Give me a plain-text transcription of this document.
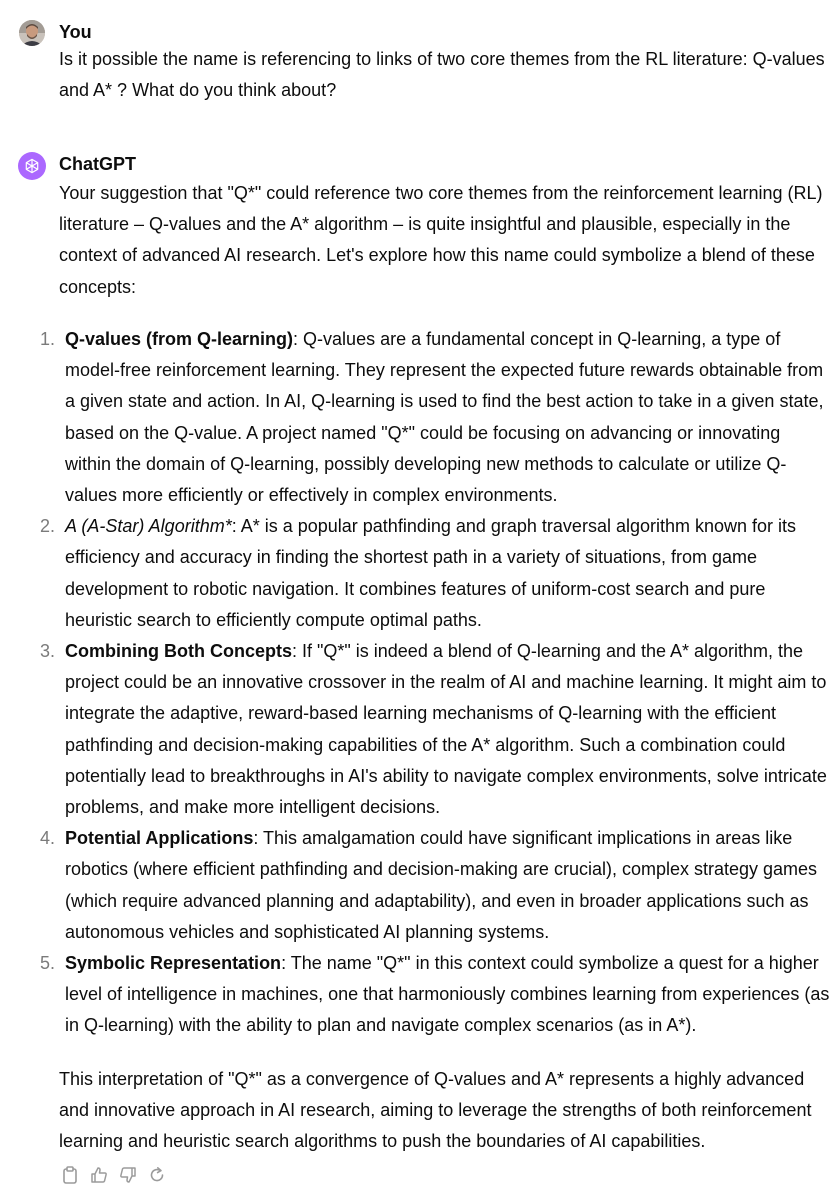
You
Is it possible the name is referencing to links of two core themes from the RL literature: Q-values and A* ? What do you think about?
ChatGPT
Your suggestion that "Q*" could reference two core themes from the reinforcement learning (RL) literature – Q-values and the A* algorithm – is quite insightful and plausible, especially in the context of advanced AI research. Let's explore how this name could symbolize a blend of these concepts:
1. Q-values (from Q-learning): Q-values are a fundamental concept in Q-learning, a type of model-free reinforcement learning. They represent the expected future rewards obtainable from a given state and action. In AI, Q-learning is used to find the best action to take in a given state, based on the Q-value. A project named "Q*" could be focusing on advancing or innovating within the domain of Q-learning, possibly developing new methods to calculate or utilize Q-values more efficiently or effectively in complex environments.
2. A (A-Star) Algorithm*: A* is a popular pathfinding and graph traversal algorithm known for its efficiency and accuracy in finding the shortest path in a variety of situations, from game development to robotic navigation. It combines features of uniform-cost search and pure heuristic search to efficiently compute optimal paths.
3. Combining Both Concepts: If "Q*" is indeed a blend of Q-learning and the A* algorithm, the project could be an innovative crossover in the realm of AI and machine learning. It might aim to integrate the adaptive, reward-based learning mechanisms of Q-learning with the efficient pathfinding and decision-making capabilities of the A* algorithm. Such a combination could potentially lead to breakthroughs in AI's ability to navigate complex environments, solve intricate problems, and make more intelligent decisions.
4. Potential Applications: This amalgamation could have significant implications in areas like robotics (where efficient pathfinding and decision-making are crucial), complex strategy games (which require advanced planning and adaptability), and even in broader applications such as autonomous vehicles and sophisticated AI planning systems.
5. Symbolic Representation: The name "Q*" in this context could symbolize a quest for a higher level of intelligence in machines, one that harmoniously combines learning from experiences (as in Q-learning) with the ability to plan and navigate complex scenarios (as in A*).
This interpretation of "Q*" as a convergence of Q-values and A* represents a highly advanced and innovative approach in AI research, aiming to leverage the strengths of both reinforcement learning and heuristic search algorithms to push the boundaries of AI capabilities.
